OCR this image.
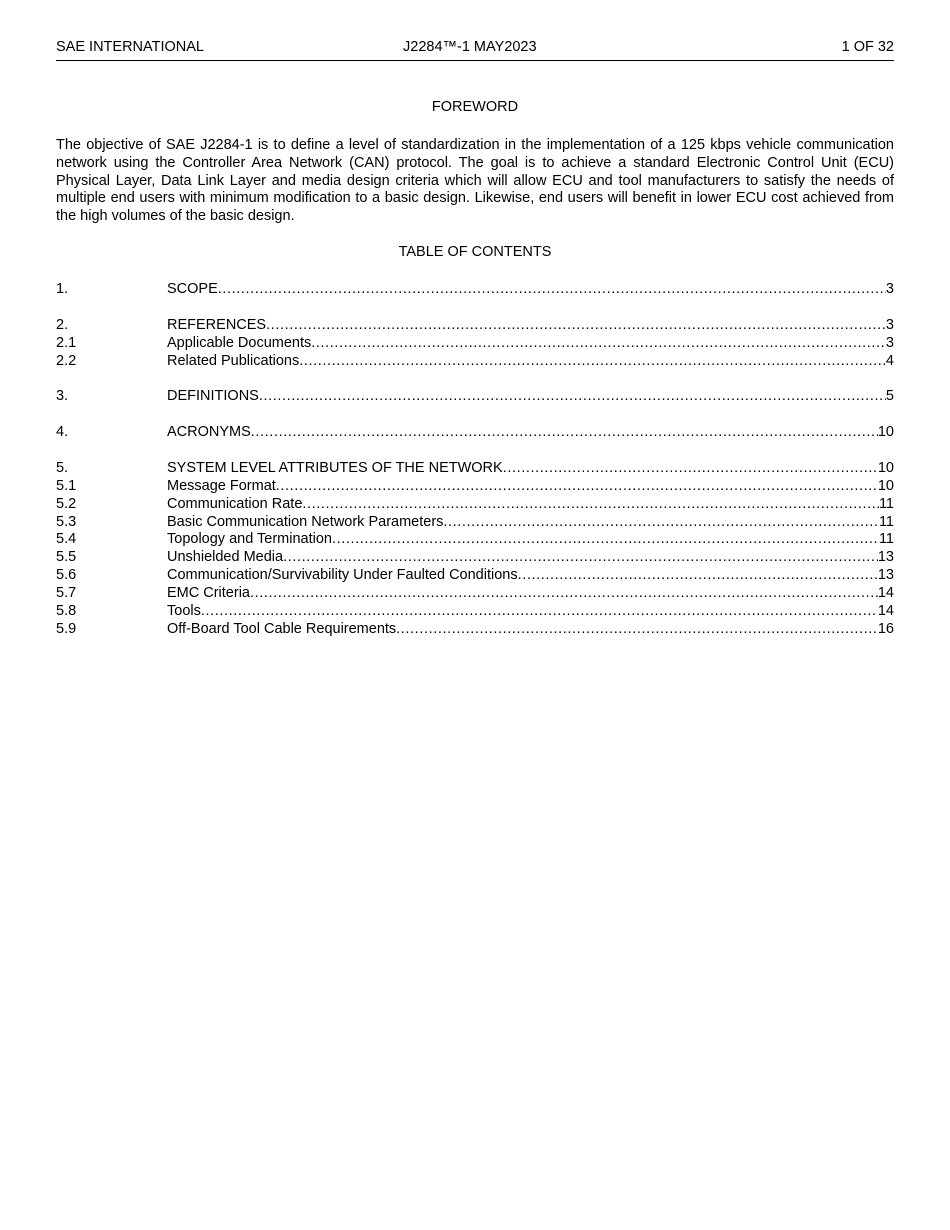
SAE INTERNATIONAL	J2284™-1 MAY2023	1 OF 32
FOREWORD

The objective of SAE J2284-1 is to define a level of standardization in the implementation of a 125 kbps vehicle communication network using the Controller Area Network (CAN) protocol. The goal is to achieve a standard Electronic Control Unit (ECU) Physical Layer, Data Link Layer and media design criteria which will allow ECU and tool manufacturers to satisfy the needs of multiple end users with minimum modification to a basic design. Likewise, end users will benefit in lower ECU cost achieved from the high volumes of the basic design.

TABLE OF CONTENTS
1.	SCOPE .....	3
2.	REFERENCES .....	3
2.1	Applicable Documents .....	3
2.2	Related Publications .....	4
3.	DEFINITIONS .....	5
4.	ACRONYMS .....	10
5.	SYSTEM LEVEL ATTRIBUTES OF THE NETWORK .....	10
5.1	Message Format .....	10
5.2	Communication Rate .....	11
5.3	Basic Communication Network Parameters .....	11
5.4	Topology and Termination .....	11
5.5	Unshielded Media .....	13
5.6	Communication/Survivability Under Faulted Conditions .....	13
5.7	EMC Criteria .....	14
5.8	Tools .....	14
5.9	Off-Board Tool Cable Requirements .....	16
